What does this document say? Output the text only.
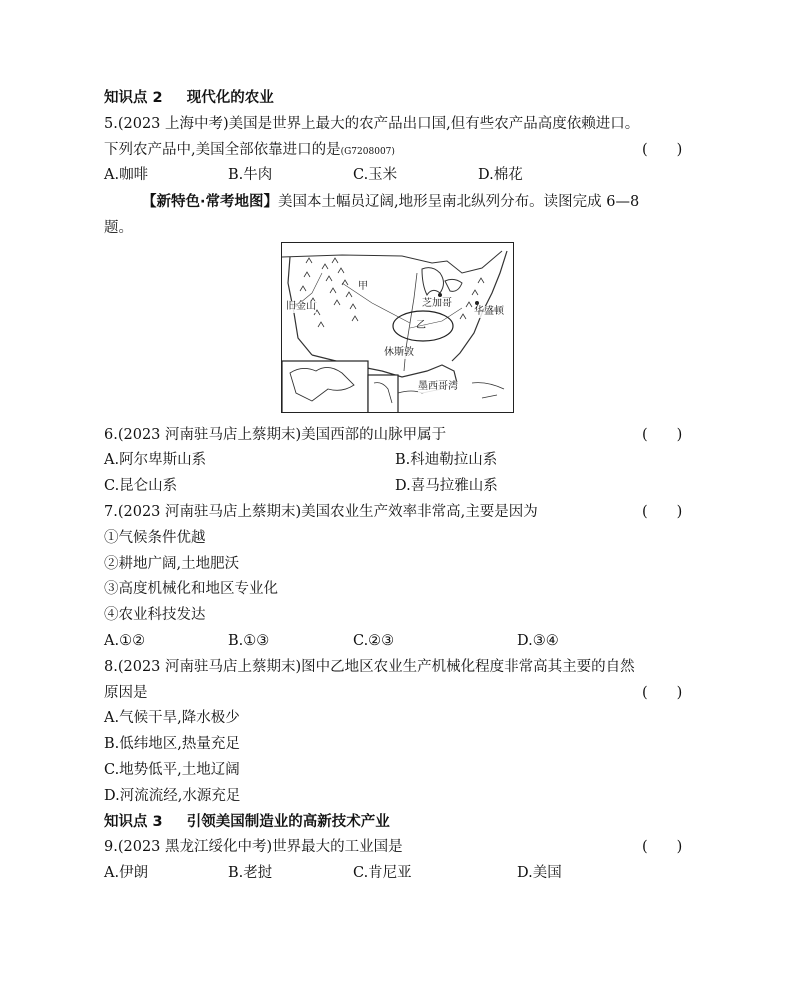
知识点 2 现代化的农业
5.(2023 上海中考)美国是世界上最大的农产品出口国,但有些农产品高度依赖进口。
下列农产品中,美国全部依靠进口的是(G7208007)	(　　)
A.咖啡	B.牛肉	C.玉米	D.棉花
【新特色·常考地图】美国本土幅员辽阔,地形呈南北纵列分布。读图完成 6—8
题。
甲
乙
旧金山	芝加哥
华盛顿
休斯敦
墨西哥湾
6.(2023 河南驻马店上蔡期末)美国西部的山脉甲属于	(　　)
A.阿尔卑斯山系	B.科迪勒拉山系
C.昆仑山系	D.喜马拉雅山系
7.(2023 河南驻马店上蔡期末)美国农业生产效率非常高,主要是因为	(　　)
①气候条件优越
②耕地广阔,土地肥沃
③高度机械化和地区专业化
④农业科技发达
A.①②	B.①③	C.②③	D.③④
8.(2023 河南驻马店上蔡期末)图中乙地区农业生产机械化程度非常高其主要的自然
原因是	(　　)
A.气候干旱,降水极少
B.低纬地区,热量充足
C.地势低平,土地辽阔
D.河流流经,水源充足
知识点 3 引领美国制造业的高新技术产业
9.(2023 黑龙江绥化中考)世界最大的工业国是	(　　)
A.伊朗	B.老挝	C.肯尼亚	D.美国
